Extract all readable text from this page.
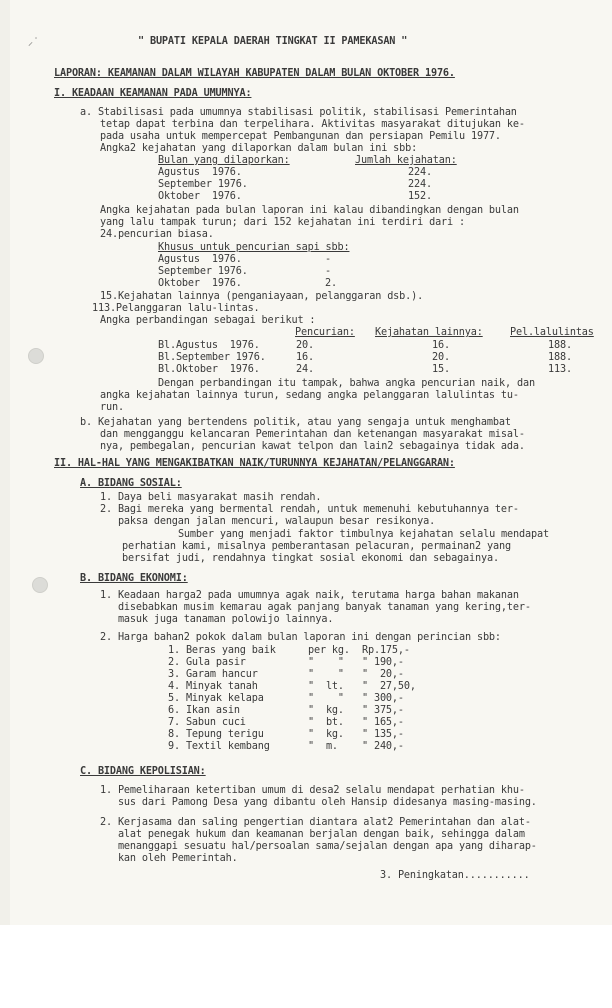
⸝˙	" BUPATI KEPALA DAERAH TINGKAT II PAMEKASAN "
LAPORAN: KEAMANAN DALAM WILAYAH KABUPATEN DALAM BULAN OKTOBER 1976.
I. KEADAAN KEAMANAN PADA UMUMNYA:
a. Stabilisasi pada umumnya stabilisasi politik, stabilisasi Pemerintahan
tetap dapat terbina dan terpelihara. Aktivitas masyarakat ditujukan ke-
pada usaha untuk mempercepat Pembangunan dan persiapan Pemilu 1977.
Angka2 kejahatan yang dilaporkan dalam bulan ini sbb:
Bulan yang dilaporkan:	Jumlah kejahatan:
Agustus  1976.	224.
September 1976.	224.
Oktober  1976.	152.
Angka kejahatan pada bulan laporan ini kalau dibandingkan dengan bulan
yang lalu tampak turun; dari 152 kejahatan ini terdiri dari :
24.pencurian biasa.
Khusus untuk pencurian sapi sbb:
Agustus  1976.	-
September 1976.	-
Oktober  1976.	2.
15.Kejahatan lainnya (penganiayaan, pelanggaran dsb.).
113.Pelanggaran lalu-lintas.
Angka perbandingan sebagai berikut :
Pencurian: Kejahatan lainnya:	Pel.lalulintas
Bl.Agustus  1976.	20.	16.	188.
Bl.September 1976.	16.	20.	188.
Bl.Oktober  1976.	24.	15.	113.
Dengan perbandingan itu tampak, bahwa angka pencurian naik, dan
angka kejahatan lainnya turun, sedang angka pelanggaran lalulintas tu-
run.
b. Kejahatan yang bertendens politik, atau yang sengaja untuk menghambat
dan mengganggu kelancaran Pemerintahan dan ketenangan masyarakat misal-
nya, pembegalan, pencurian kawat telpon dan lain2 sebagainya tidak ada.
II. HAL-HAL YANG MENGAKIBATKAN NAIK/TURUNNYA KEJAHATAN/PELANGGARAN:
A. BIDANG SOSIAL:
1. Daya beli masyarakat masih rendah.
2. Bagi mereka yang bermental rendah, untuk memenuhi kebutuhannya ter-
paksa dengan jalan mencuri, walaupun besar resikonya.
Sumber yang menjadi faktor timbulnya kejahatan selalu mendapat
perhatian kami, misalnya pemberantasan pelacuran, permainan2 yang
bersifat judi, rendahnya tingkat sosial ekonomi dan sebagainya.
B. BIDANG EKONOMI:
1. Keadaan harga2 pada umumnya agak naik, terutama harga bahan makanan
disebabkan musim kemarau agak panjang banyak tanaman yang kering,ter-
masuk juga tanaman polowijo lainnya.
2. Harga bahan2 pokok dalam bulan laporan ini dengan perincian sbb:
1. Beras yang baik	per kg. Rp.175,-
2. Gula pasir	"    " " 190,-
3. Garam hancur	"    " "  20,-
4. Minyak tanah	"  lt. "  27,50,
5. Minyak kelapa	"    " " 300,-
6. Ikan asin	"  kg. " 375,-
7. Sabun cuci	"  bt. " 165,-
8. Tepung terigu	"  kg. " 135,-
9. Textil kembang	"  m. " 240,-
C. BIDANG KEPOLISIAN:
1. Pemeliharaan ketertiban umum di desa2 selalu mendapat perhatian khu-
sus dari Pamong Desa yang dibantu oleh Hansip didesanya masing-masing.
2. Kerjasama dan saling pengertian diantara alat2 Pemerintahan dan alat-
alat penegak hukum dan keamanan berjalan dengan baik, sehingga dalam
menanggapi sesuatu hal/persoalan sama/sejalan dengan apa yang diharap-
kan oleh Pemerintah.
3. Peningkatan...........
